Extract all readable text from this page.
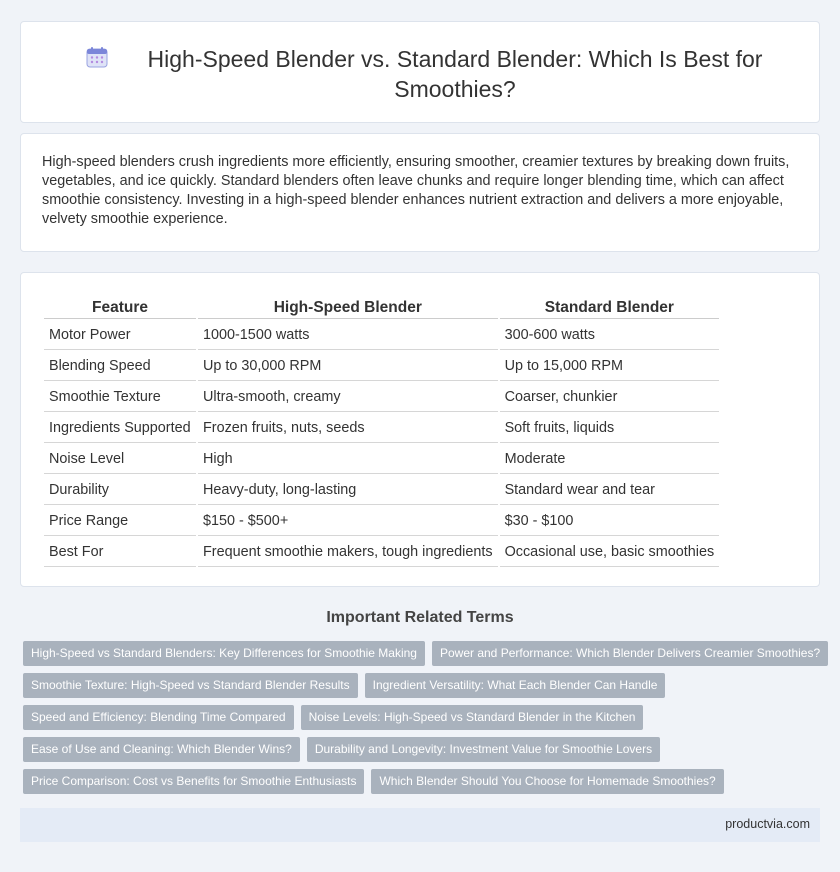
High-Speed Blender vs. Standard Blender: Which Is Best for Smoothies?

High-speed blenders crush ingredients more efficiently, ensuring smoother, creamier textures by breaking down fruits, vegetables, and ice quickly. Standard blenders often leave chunks and require longer blending time, which can affect smoothie consistency. Investing in a high-speed blender enhances nutrient extraction and delivers a more enjoyable, velvety smoothie experience.

Feature	High-Speed Blender	Standard Blender
Motor Power	1000-1500 watts	300-600 watts
Blending Speed	Up to 30,000 RPM	Up to 15,000 RPM
Smoothie Texture	Ultra-smooth, creamy	Coarser, chunkier
Ingredients Supported	Frozen fruits, nuts, seeds	Soft fruits, liquids
Noise Level	High	Moderate
Durability	Heavy-duty, long-lasting	Standard wear and tear
Price Range	$150 - $500+	$30 - $100
Best For	Frequent smoothie makers, tough ingredients	Occasional use, basic smoothies
Important Related Terms
High-Speed vs Standard Blenders: Key Differences for Smoothie Making	Power and Performance: Which Blender Delivers Creamier Smoothies?
Smoothie Texture: High-Speed vs Standard Blender Results	Ingredient Versatility: What Each Blender Can Handle
Speed and Efficiency: Blending Time Compared	Noise Levels: High-Speed vs Standard Blender in the Kitchen
Ease of Use and Cleaning: Which Blender Wins?	Durability and Longevity: Investment Value for Smoothie Lovers
Price Comparison: Cost vs Benefits for Smoothie Enthusiasts	Which Blender Should You Choose for Homemade Smoothies?
productvia.com
